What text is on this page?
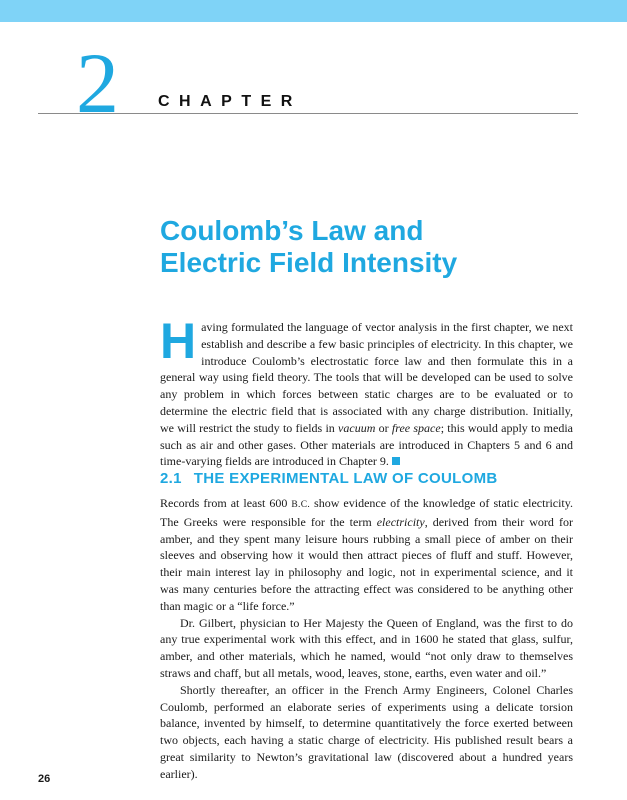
2 CHAPTER
Coulomb’s Law and
Electric Field Intensity
Having formulated the language of vector analysis in the first chapter, we next establish and describe a few basic principles of electricity. In this chapter, we introduce Coulomb’s electrostatic force law and then formulate this in a general way using field theory. The tools that will be developed can be used to solve any problem in which forces between static charges are to be evaluated or to determine the electric field that is associated with any charge distribution. Initially, we will restrict the study to fields in vacuum or free space; this would apply to media such as air and other gases. Other materials are introduced in Chapters 5 and 6 and time-varying fields are introduced in Chapter 9.
2.1 THE EXPERIMENTAL LAW OF COULOMB

Records from at least 600 B.C. show evidence of the knowledge of static electricity. The Greeks were responsible for the term electricity, derived from their word for amber, and they spent many leisure hours rubbing a small piece of amber on their sleeves and observing how it would then attract pieces of fluff and stuff. However, their main interest lay in philosophy and logic, not in experimental science, and it was many centuries before the attracting effect was considered to be anything other than magic or a “life force.”

Dr. Gilbert, physician to Her Majesty the Queen of England, was the first to do any true experimental work with this effect, and in 1600 he stated that glass, sulfur, amber, and other materials, which he named, would “not only draw to themselves straws and chaff, but all metals, wood, leaves, stone, earths, even water and oil.”

Shortly thereafter, an officer in the French Army Engineers, Colonel Charles Coulomb, performed an elaborate series of experiments using a delicate torsion balance, invented by himself, to determine quantitatively the force exerted between two objects, each having a static charge of electricity. His published result bears a great similarity to Newton’s gravitational law (discovered about a hundred years earlier).

26
